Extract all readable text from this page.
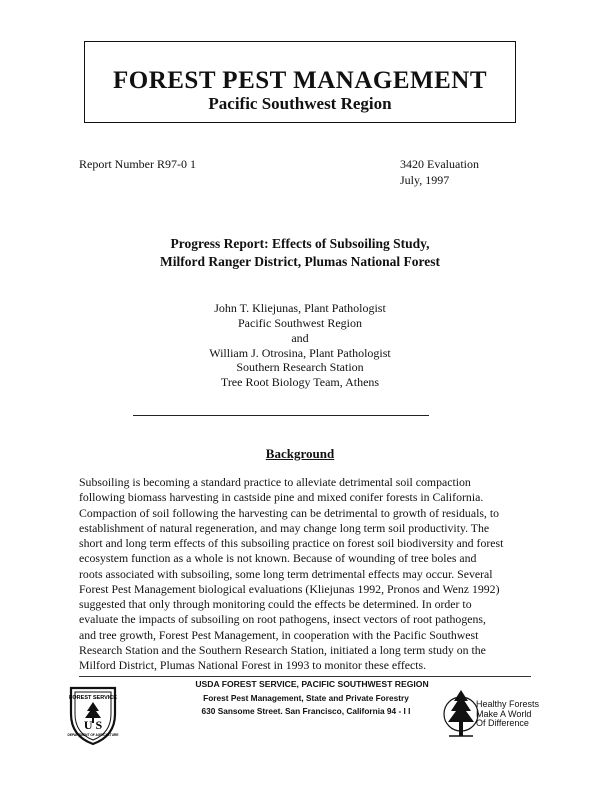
FOREST PEST MANAGEMENT
Pacific Southwest Region
Report Number R97-0 1	3420 Evaluation
July, 1997
Progress Report: Effects of Subsoiling Study,
Milford Ranger District, Plumas National Forest
John T. Kliejunas, Plant Pathologist
Pacific Southwest Region
and
William J. Otrosina, Plant Pathologist
Southern Research Station
Tree Root Biology Team, Athens
Background
Subsoiling is becoming a standard practice to alleviate detrimental soil compaction
following biomass harvesting in castside pine and mixed conifer forests in California.
Compaction of soil following the harvesting can be detrimental to growth of residuals, to
establishment of natural regeneration, and may change long term soil productivity. The
short and long term effects of this subsoiling practice on forest soil biodiversity and forest
ecosystem function as a whole is not known. Because of wounding of tree boles and
roots associated with subsoiling, some long term detrimental effects may occur. Several
Forest Pest Management biological evaluations (Kliejunas 1992, Pronos and Wenz 1992)
suggested that only through monitoring could the effects be determined. In order to
evaluate the impacts of subsoiling on root pathogens, insect vectors of root pathogens,
and tree growth, Forest Pest Management, in cooperation with the Pacific Southwest
Research Station and the Southern Research Station, initiated a long term study on the
Milford District, Plumas National Forest in 1993 to monitor these effects.
FOREST SERVICE
U S
DEPARTMENT OF AGRICULTURE
USDA FOREST SERVICE, PACIFIC SOUTHWEST REGION
Forest Pest Management, State and Private Forestry
630 Sansome Street. San Francisco, California 94 - I I
Healthy Forests
Make A World
Of Difference
